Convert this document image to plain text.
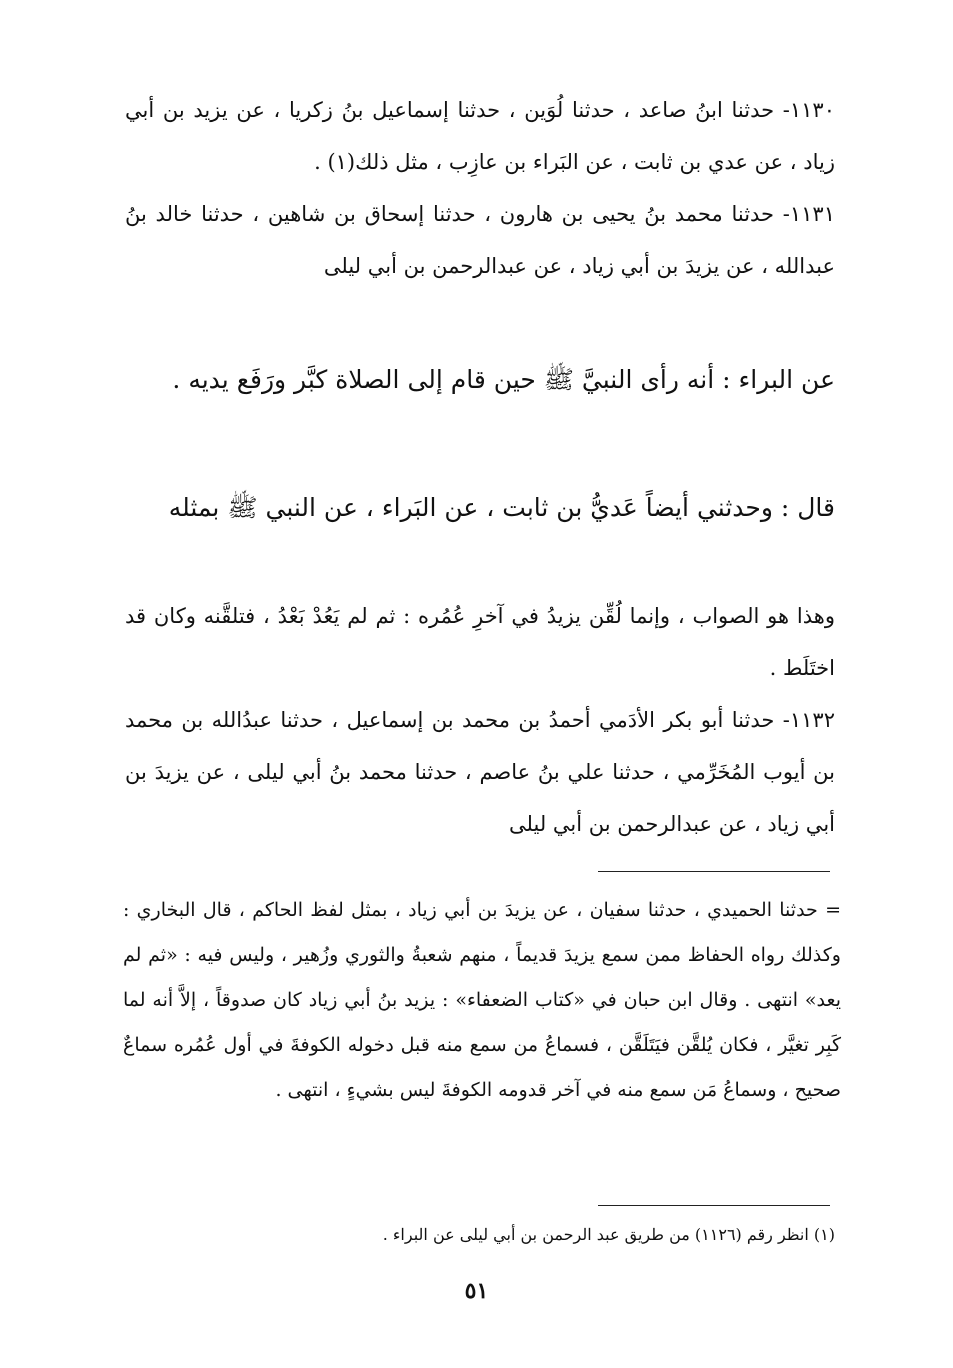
١١٣٠- حدثنا ابنُ صاعد ، حدثنا لُوَين ، حدثنا إسماعيل بنُ زكريا ، عن يزيد بن أبي زياد ، عن عدي بن ثابت ، عن البَراء بن عازِب ، مثل ذلك(١) .
١١٣١- حدثنا محمد بنُ يحيى بن هارون ، حدثنا إسحاق بن شاهين ، حدثنا خالد بنُ عبدالله ، عن يزيدَ بن أبي زياد ، عن عبدالرحمن بن أبي ليلى
عن البراء : أنه رأى النبيَّ ﷺ حين قام إلى الصلاة كبَّر ورَفَع يديه .
قال : وحدثني أيضاً عَديُّ بن ثابت ، عن البَراء ، عن النبي ﷺ بمثله
وهذا هو الصواب ، وإنما لُقِّن يزيدُ في آخرِ عُمُره : ثم لم يَعُدْ بَعْدُ ، فتلقَّنه وكان قد اختَلَط .
١١٣٢- حدثنا أبو بكر الأدَمي أحمدُ بن محمد بن إسماعيل ، حدثنا عبدُالله بن محمد بن أيوب المُخَرِّمي ، حدثنا علي بنُ عاصم ، حدثنا محمد بنُ أبي ليلى ، عن يزيدَ بن أبي زياد ، عن عبدالرحمن بن أبي ليلى
= حدثنا الحميدي ، حدثنا سفيان ، عن يزيدَ بن أبي زياد ، بمثل لفظ الحاكم ، قال البخاري : وكذلك رواه الحفاظ ممن سمع يزيدَ قديماً ، منهم شعبةُ والثوري وزُهير ، وليس فيه : «ثم لم يعد» انتهى . وقال ابن حبان في «كتاب الضعفاء» : يزيد بنُ أبي زياد كان صدوقاً ، إلاَّ أنه لما كَبِر تغيَّر ، فكان يُلقَّن فيَتَلَقَّن ، فسماعُ من سمع منه قبل دخوله الكوفةَ في أول عُمُره سماعٌ صحيح ، وسماعُ مَن سمع منه في آخر قدومه الكوفةَ ليس بشيءٍ ، انتهى .
(١) انظر رقم (١١٢٦) من طريق عبد الرحمن بن أبي ليلى عن البراء .
٥١
